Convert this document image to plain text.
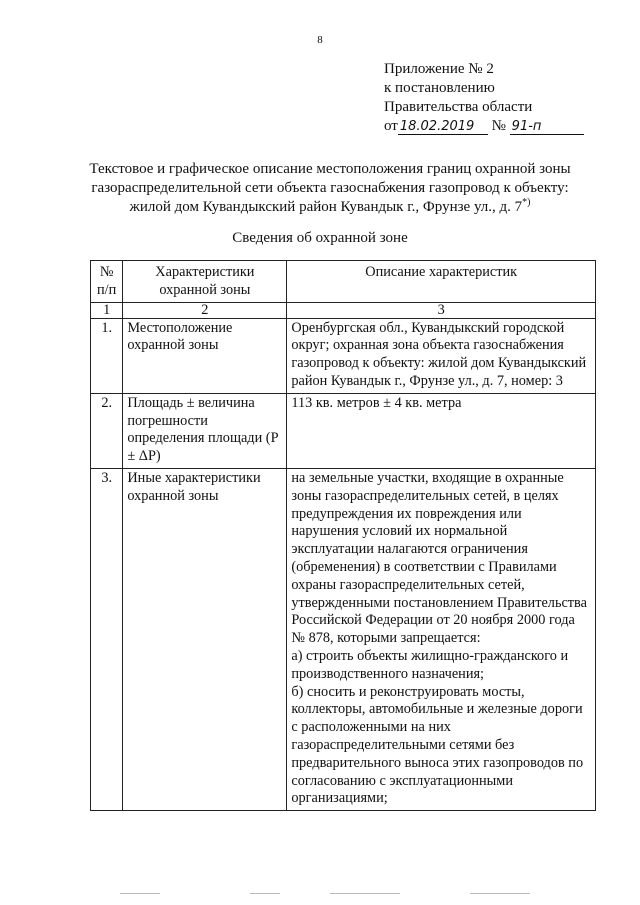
8
Приложение № 2
к постановлению
Правительства области
от 18.02.2019 № 91-п
Текстовое и графическое описание местоположения границ охранной зоны
газораспределительной сети объекта газоснабжения газопровод к объекту:
жилой дом Кувандыкский район Кувандык г., Фрунзе ул., д. 7*)
Сведения об охранной зоне
№ п/п	Характеристики охранной зоны	Описание характеристик
1	2	3
1.	Местоположение охранной зоны	Оренбургская обл., Кувандыкский городской округ; охранная зона объекта газоснабжения газопровод к объекту: жилой дом Кувандыкский район Кувандык г., Фрунзе ул., д. 7, номер: 3
2.	Площадь ± величина погрешности определения площади (P ± ΔP)	113 кв. метров ± 4 кв. метра
3.	Иные характеристики охранной зоны	на земельные участки, входящие в охранные зоны газораспределительных сетей, в целях предупреждения их повреждения или нарушения условий их нормальной эксплуатации налагаются ограничения (обременения) в соответствии с Правилами охраны газораспределительных сетей, утвержденными постановлением Правительства Российской Федерации от 20 ноября 2000 года № 878, которыми запрещается:
а) строить объекты жилищно-гражданского и производственного назначения;
б) сносить и реконструировать мосты, коллекторы, автомобильные и железные дороги с расположенными на них газораспределительными сетями без предварительного выноса этих газопроводов по согласованию с эксплуатационными организациями;
